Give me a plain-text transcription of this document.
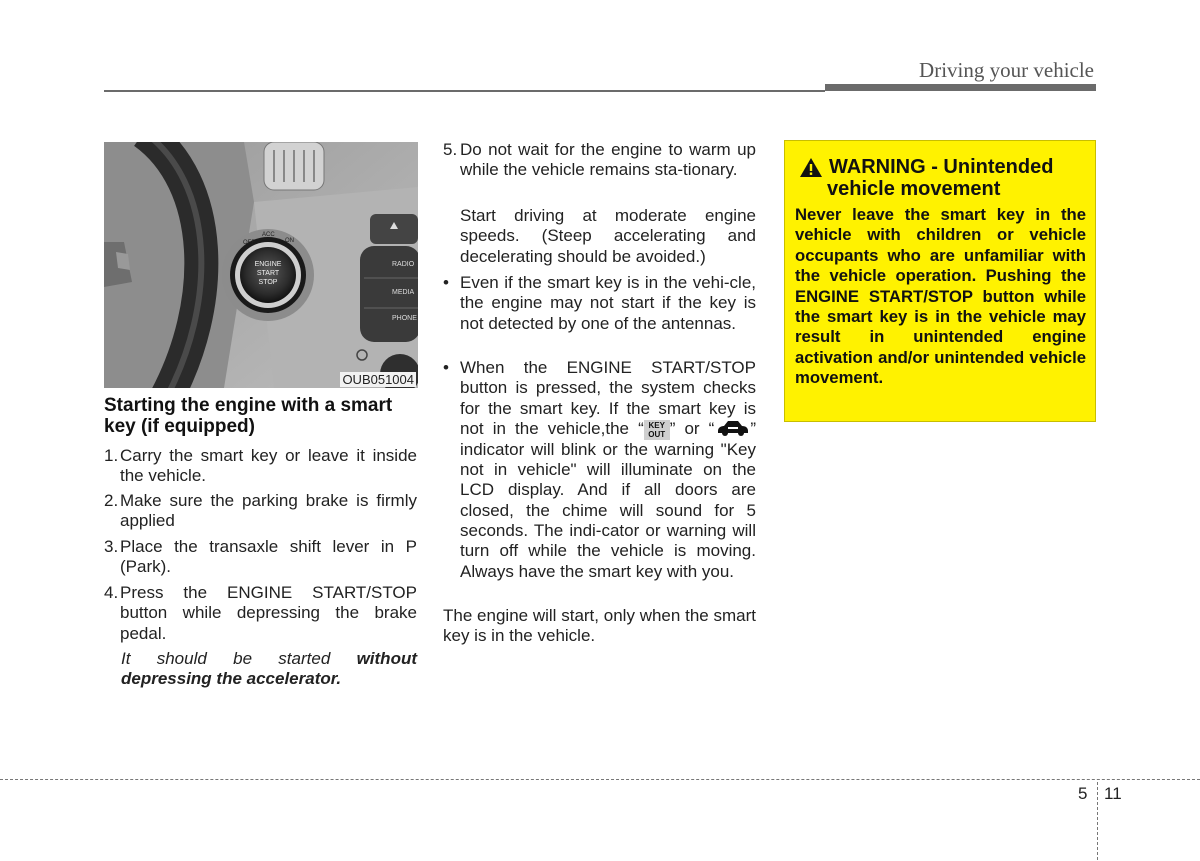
Driving your vehicle
RADIO
MEDIA
PHONE
OFF
ACC
ON
ENGINE
START
STOP
OUB051004
Starting the engine with a smart key (if equipped)
1. Carry the smart key or leave it inside the vehicle.
2. Make sure the parking brake is firmly applied
3. Place the transaxle shift lever in P (Park).
4. Press the ENGINE START/STOP button while depressing the brake pedal.
It should be started without depressing the accelerator.
5. Do not wait for the engine to warm up while the vehicle remains sta-tionary.
Start driving at moderate engine speeds. (Steep accelerating and decelerating should be avoided.)
• Even if the smart key is in the vehi-cle, the engine may not start if the key is not detected by one of the antennas.
• When the ENGINE START/STOP button is pressed, the system checks for the smart key. If the smart key is not in the vehicle,the “ KEY
OUT ” or “ ” indicator will blink or the warning "Key not in vehicle" will illuminate on the LCD display. And if all doors are closed, the chime will sound for 5 seconds. The indi-cator or warning will turn off while the vehicle is moving. Always have the smart key with you.
The engine will start, only when the smart key is in the vehicle.
WARNING - Unintended
vehicle movement
Never leave the smart key in the vehicle with children or vehicle occupants who are unfamiliar with the vehicle operation. Pushing the ENGINE START/STOP button while the smart key is in the vehicle may result in unintended engine activation and/or unintended vehicle movement.
5 11
